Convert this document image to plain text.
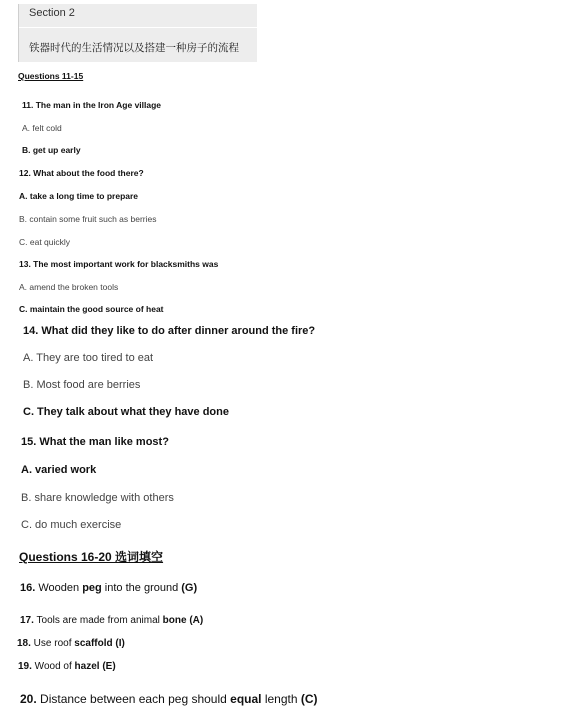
Section 2
铁器时代的生活情况以及搭建一种房子的流程
Questions 11-15
11. The man in the Iron Age village
A. felt cold
B. get up early
12. What about the food there?
A. take a long time to prepare
B. contain some fruit such as berries
C. eat quickly
13. The most important work for blacksmiths was
A. amend the broken tools
C. maintain the good source of heat
14. What did they like to do after dinner around the fire?
A. They are too tired to eat
B. Most food are berries
C. They talk about what they have done
15. What the man like most?
A. varied work
B. share knowledge with others
C. do much exercise
Questions 16-20 选词填空
16. Wooden peg into the ground (G)
17. Tools are made from animal bone (A)
18. Use roof scaffold (I)
19. Wood of hazel (E)
20. Distance between each peg should equal length (C)
